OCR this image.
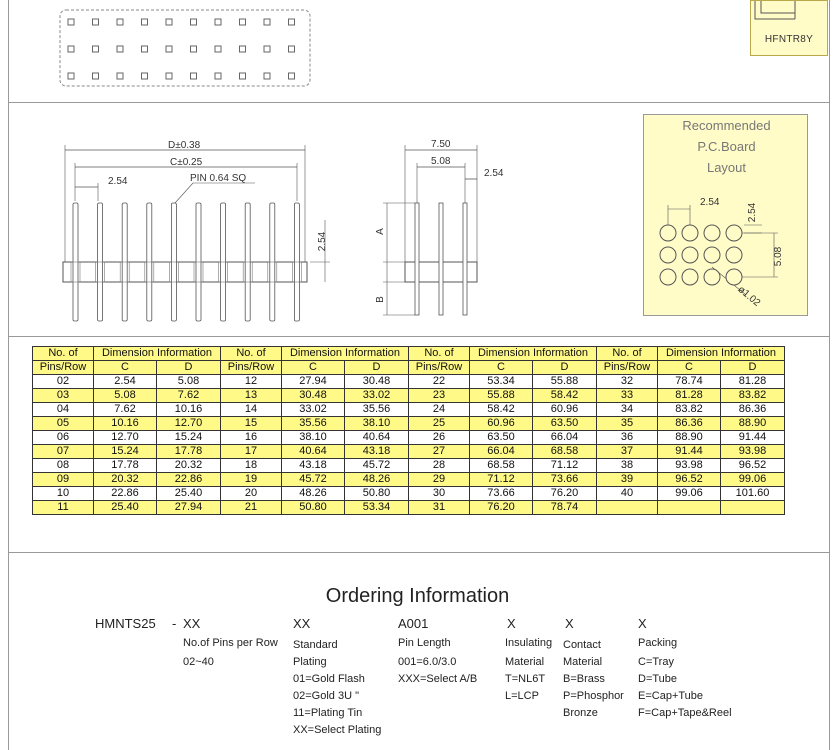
HFNTR8Y
D±0.38
C±0.25
2.54	PIN 0.64 SQ
2.54
7.50
5.08
2.54
A
B
Recommended
P.C.Board
Layout
2.54
2.54
5.08
ø1.02
No. of	Dimension Information		No. of	Dimension Information		No. of	Dimension Information		No. of	Dimension Information	
Pins/Row	C	D	Pins/Row	C	D	Pins/Row	C	D	Pins/Row	C	D
02	2.54	5.08	12	27.94	30.48	22	53.34	55.88	32	78.74	81.28
03	5.08	7.62	13	30.48	33.02	23	55.88	58.42	33	81.28	83.82
04	7.62	10.16	14	33.02	35.56	24	58.42	60.96	34	83.82	86.36
05	10.16	12.70	15	35.56	38.10	25	60.96	63.50	35	86.36	88.90
06	12.70	15.24	16	38.10	40.64	26	63.50	66.04	36	88.90	91.44
07	15.24	17.78	17	40.64	43.18	27	66.04	68.58	37	91.44	93.98
08	17.78	20.32	18	43.18	45.72	28	68.58	71.12	38	93.98	96.52
09	20.32	22.86	19	45.72	48.26	29	71.12	73.66	39	96.52	99.06
10	22.86	25.40	20	48.26	50.80	30	73.66	76.20	40	99.06	101.60
11	25.40	27.94	21	50.80	53.34	31	76.20	78.74			
Ordering Information
HMNTS25 - XX	XX	A001	X	X	X
No.of Pins per Row
02~40
Standard
Plating
01=Gold Flash
02=Gold 3U "
11=Plating Tin
XX=Select Plating
Pin Length
001=6.0/3.0
XXX=Select A/B
Insulating
Material
T=NL6T
L=LCP
Contact
Material
B=Brass
P=Phosphor
Bronze
Packing
C=Tray
D=Tube
E=Cap+Tube
F=Cap+Tape&Reel
